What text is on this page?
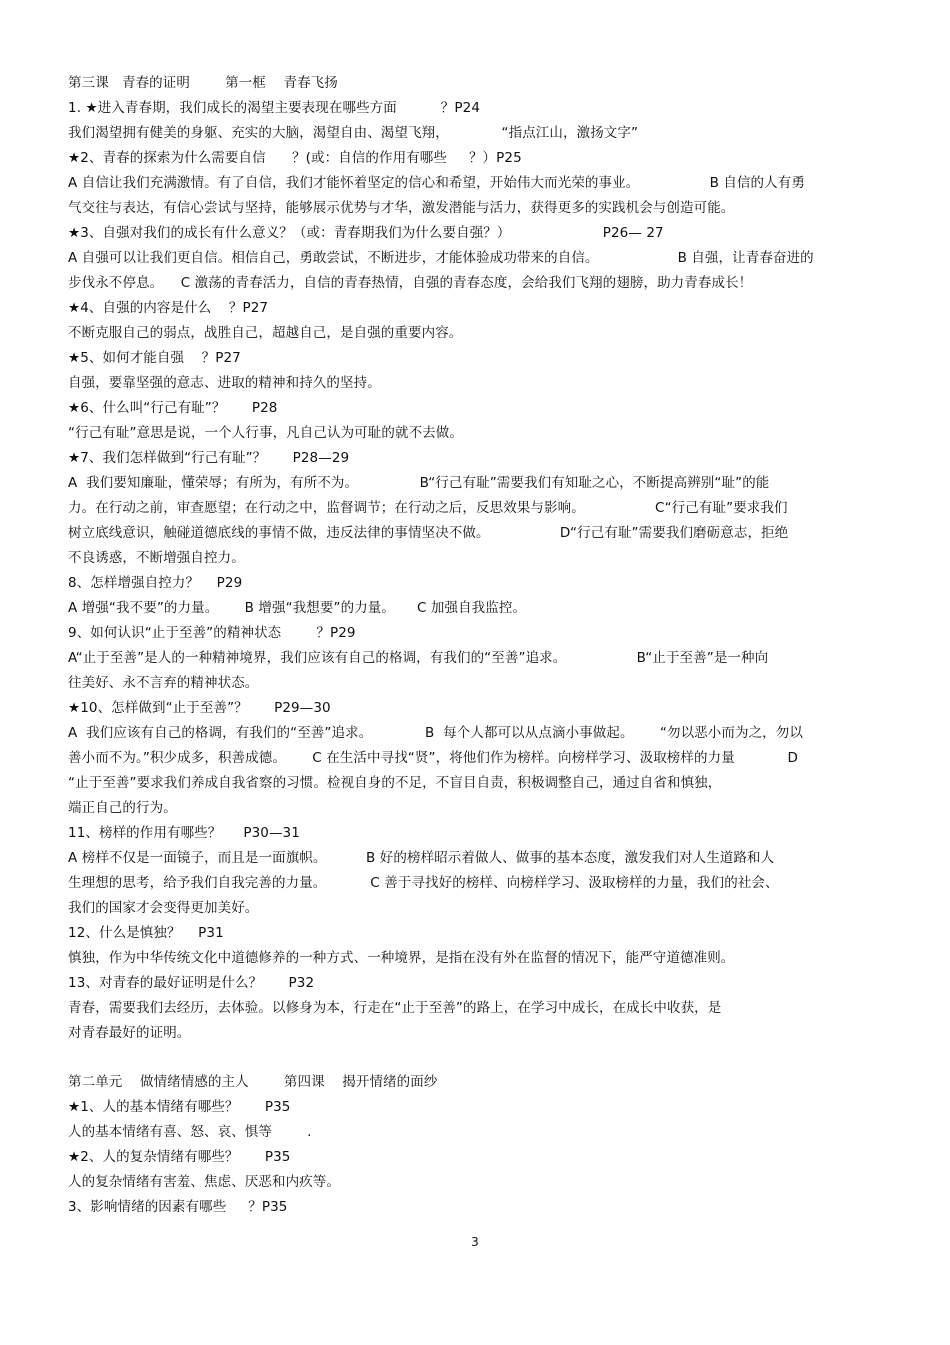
第三课   青春的证明        第一框    青春飞扬
1. ★进入青春期，我们成长的渴望主要表现在哪些方面          ？P24
我们渴望拥有健美的身躯、充实的大脑，渴望自由、渴望飞翔，            “指点江山，激扬文字”
★2、青春的探索为什么需要自信      ？(或：自信的作用有哪些     ？）P25
A 自信让我们充满激情。有了自信，我们才能怀着坚定的信心和希望，开始伟大而光荣的事业。                B 自信的人有勇
气交往与表达，有信心尝试与坚持，能够展示优势与才华，激发潜能与活力，获得更多的实践机会与创造可能。
★3、自强对我们的成长有什么意义？（或：青春期我们为什么要自强？）                     P26— 27
A 自强可以让我们更自信。相信自己，勇敢尝试，不断进步，才能体验成功带来的自信。                  B 自强，让青春奋进的
步伐永不停息。    C 激荡的青春活力，自信的青春热情，自强的青春态度，会给我们飞翔的翅膀，助力青春成长！
★4、自强的内容是什么    ？P27
不断克服自己的弱点，战胜自己，超越自己，是自强的重要内容。
★5、如何才能自强    ？P27
自强，要靠坚强的意志、进取的精神和持久的坚持。
★6、什么叫“行己有耻”？      P28
“行己有耻”意思是说，一个人行事，凡自己认为可耻的就不去做。
★7、我们怎样做到“行己有耻”？      P28—29
A  我们要知廉耻，懂荣辱；有所为，有所不为。              B“行己有耻”需要我们有知耻之心，不断提高辨别“耻”的能
力。在行动之前，审查愿望；在行动之中，监督调节；在行动之后，反思效果与影响。                C“行己有耻”要求我们
树立底线意识，触碰道德底线的事情不做，违反法律的事情坚决不做。                D“行己有耻”需要我们磨砺意志，拒绝
不良诱惑，不断增强自控力。
8、怎样增强自控力？    P29
A 增强“我不要”的力量。      B 增强“我想要”的力量。     C 加强自我监控。
9、如何认识“止于至善”的精神状态        ？P29
A“止于至善”是人的一种精神境界，我们应该有自己的格调，有我们的“至善”追求。                B“止于至善”是一种向
往美好、永不言弃的精神状态。
★10、怎样做到“止于至善”？      P29—30
A  我们应该有自己的格调，有我们的“至善”追求。            B  每个人都可以从点滴小事做起。      “勿以恶小而为之，勿以
善小而不为。”积少成多，积善成德。      C 在生活中寻找“贤”，将他们作为榜样。向榜样学习、汲取榜样的力量            D
“止于至善”要求我们养成自我省察的习惯。检视自身的不足，不盲目自责，积极调整自己，通过自省和慎独，
端正自己的行为。
11、榜样的作用有哪些？     P30—31
A 榜样不仅是一面镜子，而且是一面旗帜。         B 好的榜样昭示着做人、做事的基本态度，激发我们对人生道路和人
生理想的思考，给予我们自我完善的力量。          C 善于寻找好的榜样、向榜样学习、汲取榜样的力量，我们的社会、
我们的国家才会变得更加美好。
12、什么是慎独？    P31
慎独，作为中华传统文化中道德修养的一种方式、一种境界，是指在没有外在监督的情况下，能严守道德准则。
13、对青春的最好证明是什么？      P32
青春，需要我们去经历，去体验。以修身为本，行走在“止于至善”的路上，在学习中成长，在成长中收获，是
对青春最好的证明。
第二单元    做情绪情感的主人        第四课    揭开情绪的面纱
★1、人的基本情绪有哪些？      P35
人的基本情绪有喜、怒、哀、惧等        .
★2、人的复杂情绪有哪些？      P35
人的复杂情绪有害羞、焦虑、厌恶和内疚等。
3、影响情绪的因素有哪些     ？P35
3
